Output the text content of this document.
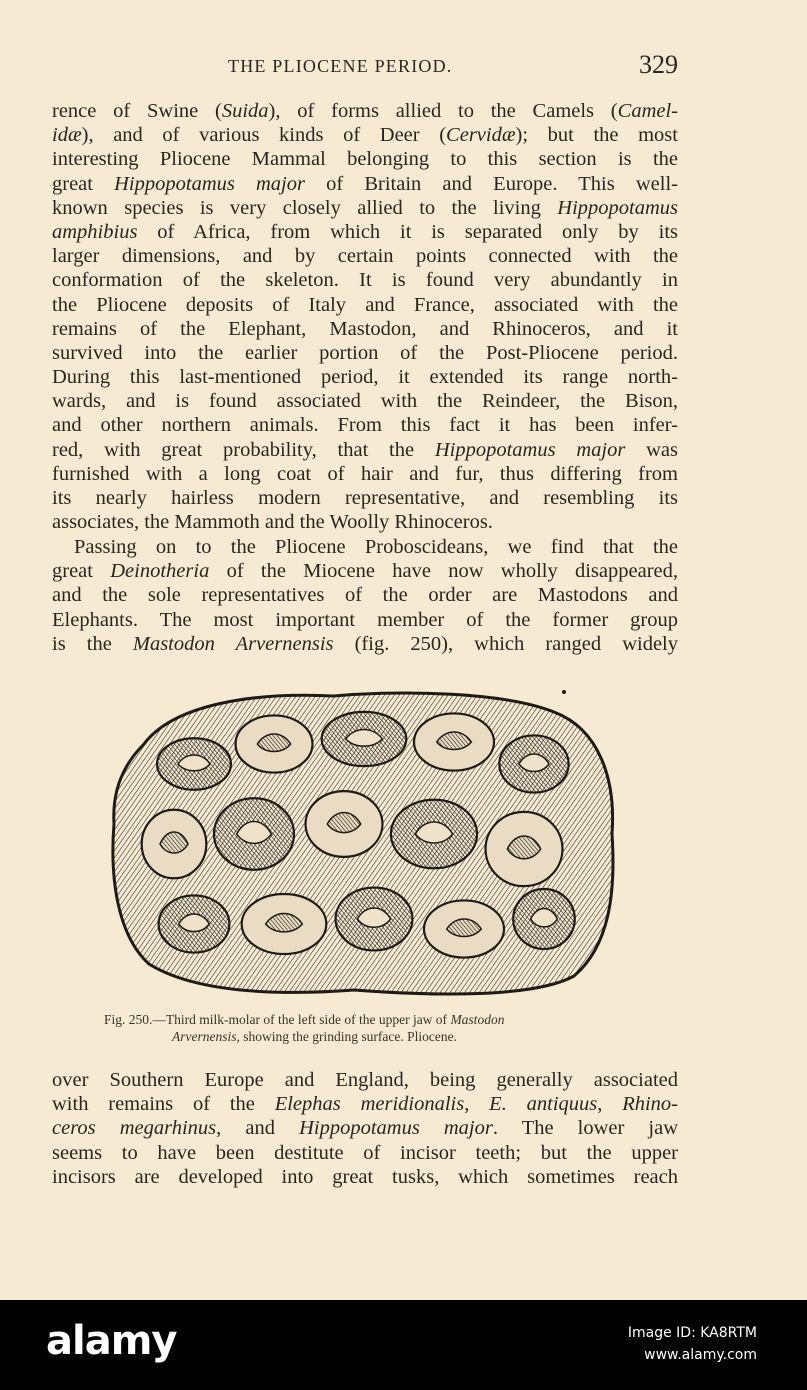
THE PLIOCENE PERIOD.	329
rence of Swine (Suida), of forms allied to the Camels (Camel-
idæ), and of various kinds of Deer (Cervidæ); but the most
interesting Pliocene Mammal belonging to this section is the
great Hippopotamus major of Britain and Europe. This well-
known species is very closely allied to the living Hippopotamus
amphibius of Africa, from which it is separated only by its
larger dimensions, and by certain points connected with the
conformation of the skeleton. It is found very abundantly in
the Pliocene deposits of Italy and France, associated with the
remains of the Elephant, Mastodon, and Rhinoceros, and it
survived into the earlier portion of the Post-Pliocene period.
During this last-mentioned period, it extended its range north-
wards, and is found associated with the Reindeer, the Bison,
and other northern animals. From this fact it has been infer-
red, with great probability, that the Hippopotamus major was
furnished with a long coat of hair and fur, thus differing from
its nearly hairless modern representative, and resembling its
associates, the Mammoth and the Woolly Rhinoceros.
Passing on to the Pliocene Proboscideans, we find that the
great Deinotheria of the Miocene have now wholly disappeared,
and the sole representatives of the order are Mastodons and
Elephants. The most important member of the former group
is the Mastodon Arvernensis (fig. 250), which ranged widely
Fig. 250.—Third milk-molar of the left side of the upper jaw of Mastodon
Arvernensis, showing the grinding surface. Pliocene.
over Southern Europe and England, being generally associated
with remains of the Elephas meridionalis, E. antiquus, Rhino-
ceros megarhinus, and Hippopotamus major. The lower jaw
seems to have been destitute of incisor teeth; but the upper
incisors are developed into great tusks, which sometimes reach
alamy	Image ID: KA8RTM
www.alamy.com
